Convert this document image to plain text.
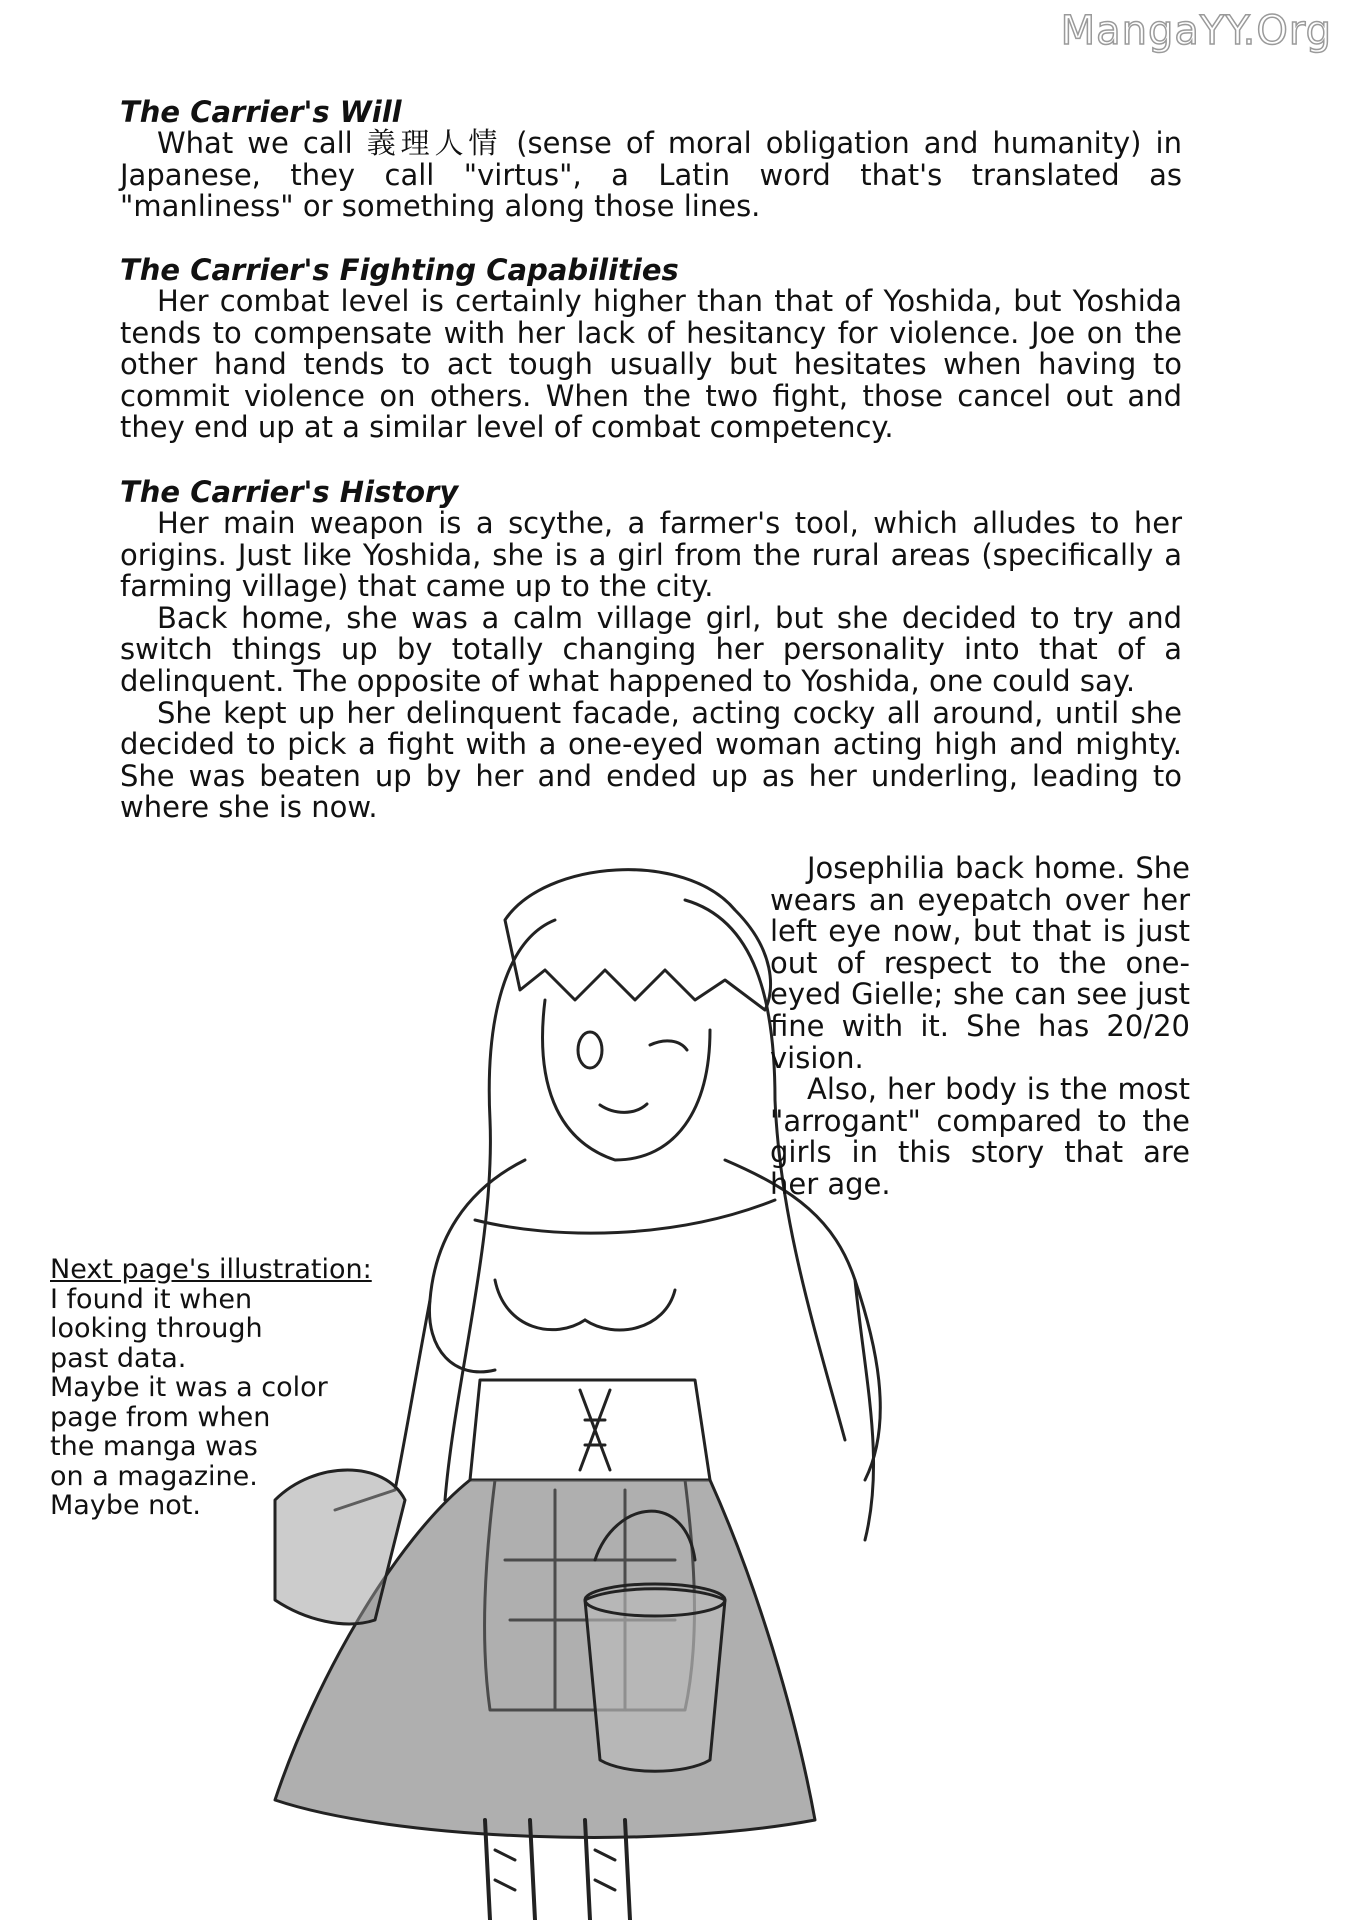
MangaYY.Org

The Carrier's Will

What we call 義理人情 (sense of moral obligation and humanity) in Japanese, they call "virtus", a Latin word that's translated as "manliness" or something along those lines.

The Carrier's Fighting Capabilities

Her combat level is certainly higher than that of Yoshida, but Yoshida tends to compensate with her lack of hesitancy for violence. Joe on the other hand tends to act tough usually but hesitates when having to commit violence on others. When the two fight, those cancel out and they end up at a similar level of combat competency.

The Carrier's History

Her main weapon is a scythe, a farmer's tool, which alludes to her origins. Just like Yoshida, she is a girl from the rural areas (specifically a farming village) that came up to the city.

Back home, she was a calm village girl, but she decided to try and switch things up by totally changing her personality into that of a delinquent. The opposite of what happened to Yoshida, one could say.

She kept up her delinquent facade, acting cocky all around, until she decided to pick a fight with a one-eyed woman acting high and mighty. She was beaten up by her and ended up as her underling, leading to where she is now.

Josephilia back home. She wears an eyepatch over her left eye now, but that is just out of respect to the one-eyed Gielle; she can see just fine with it. She has 20/20 vision.

Also, her body is the most "arrogant" compared to the girls in this story that are her age.

Next page's illustration:
I found it when
looking through
past data.
Maybe it was a color
page from when
the manga was
on a magazine.
Maybe not.
